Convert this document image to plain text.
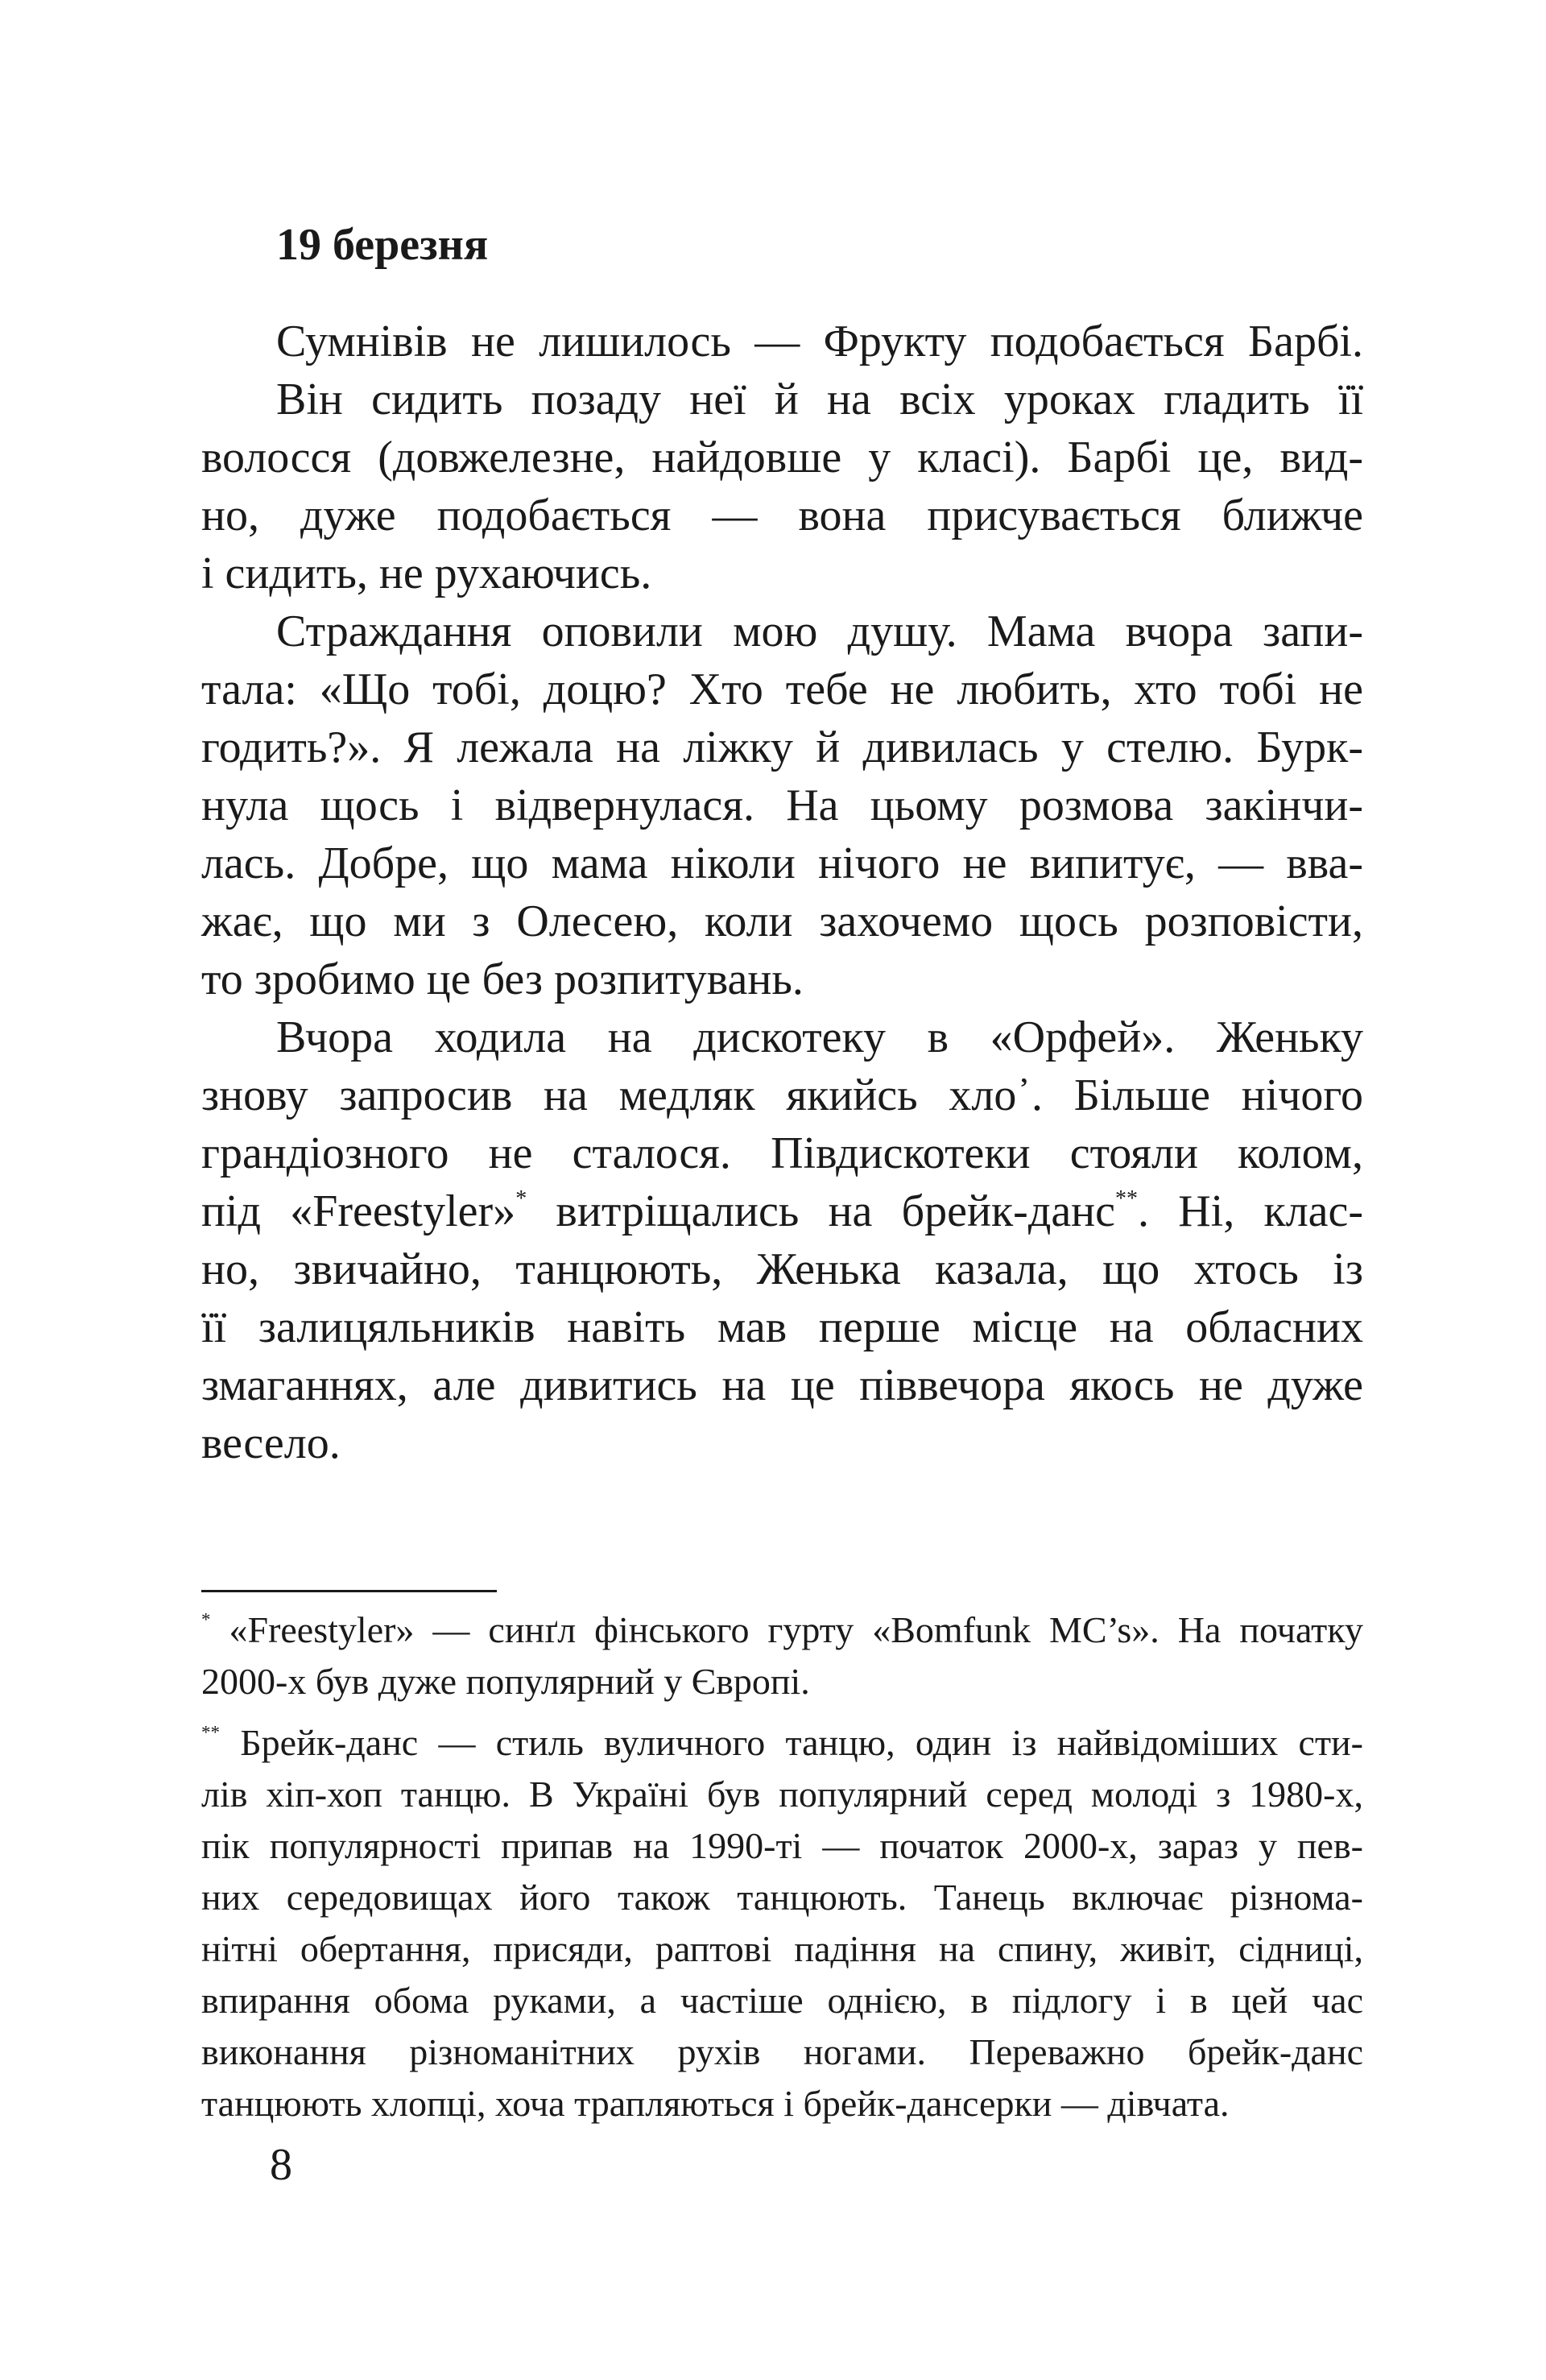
19 березня
Сумнівів не лишилось — Фрукту подобається Барбі.
Він сидить позаду неї й на всіх уроках гладить її
волосся (довжелезне, найдовше у класі). Барбі це, вид-
но, дуже подобається — вона присувається ближче
і сидить, не рухаючись.
Страждання оповили мою душу. Мама вчора запи-
тала: «Що тобі, доцю? Хто тебе не любить, хто тобі не
годить?». Я лежала на ліжку й дивилась у стелю. Бурк-
нула щось і відвернулася. На цьому розмова закінчи-
лась. Добре, що мама ніколи нічого не випитує, — вва-
жає, що ми з Олесею, коли захочемо щось розповісти,
то зробимо це без розпитувань.
Вчора ходила на дискотеку в «Орфей». Женьку
знову запросив на медляк якийсь хло᾿. Більше нічого
грандіозного не сталося. Півдискотеки стояли колом,
під «Freestyler»* витріщались на брейк-данс**. Ні, клас-
но, звичайно, танцюють, Женька казала, що хтось із
її залицяльників навіть мав перше місце на обласних
змаганнях, але дивитись на це піввечора якось не дуже
весело.
* «Freestyler» — синґл фінського гурту «Bomfunk MC’s». На початку
2000-х був дуже популярний у Європі.
** Брейк-данс — стиль вуличного танцю, один із найвідоміших сти-
лів хіп-хоп танцю. В Україні був популярний серед молоді з 1980-х,
пік популярності припав на 1990-ті — початок 2000-х, зараз у пев-
них середовищах його також танцюють. Танець включає різнома-
нітні обертання, присяди, раптові падіння на спину, живіт, сідниці,
впирання обома руками, а частіше однією, в підлогу і в цей час
виконання різноманітних рухів ногами. Переважно брейк-данс
танцюють хлопці, хоча трапляються і брейк-дансерки — дівчата.
8
